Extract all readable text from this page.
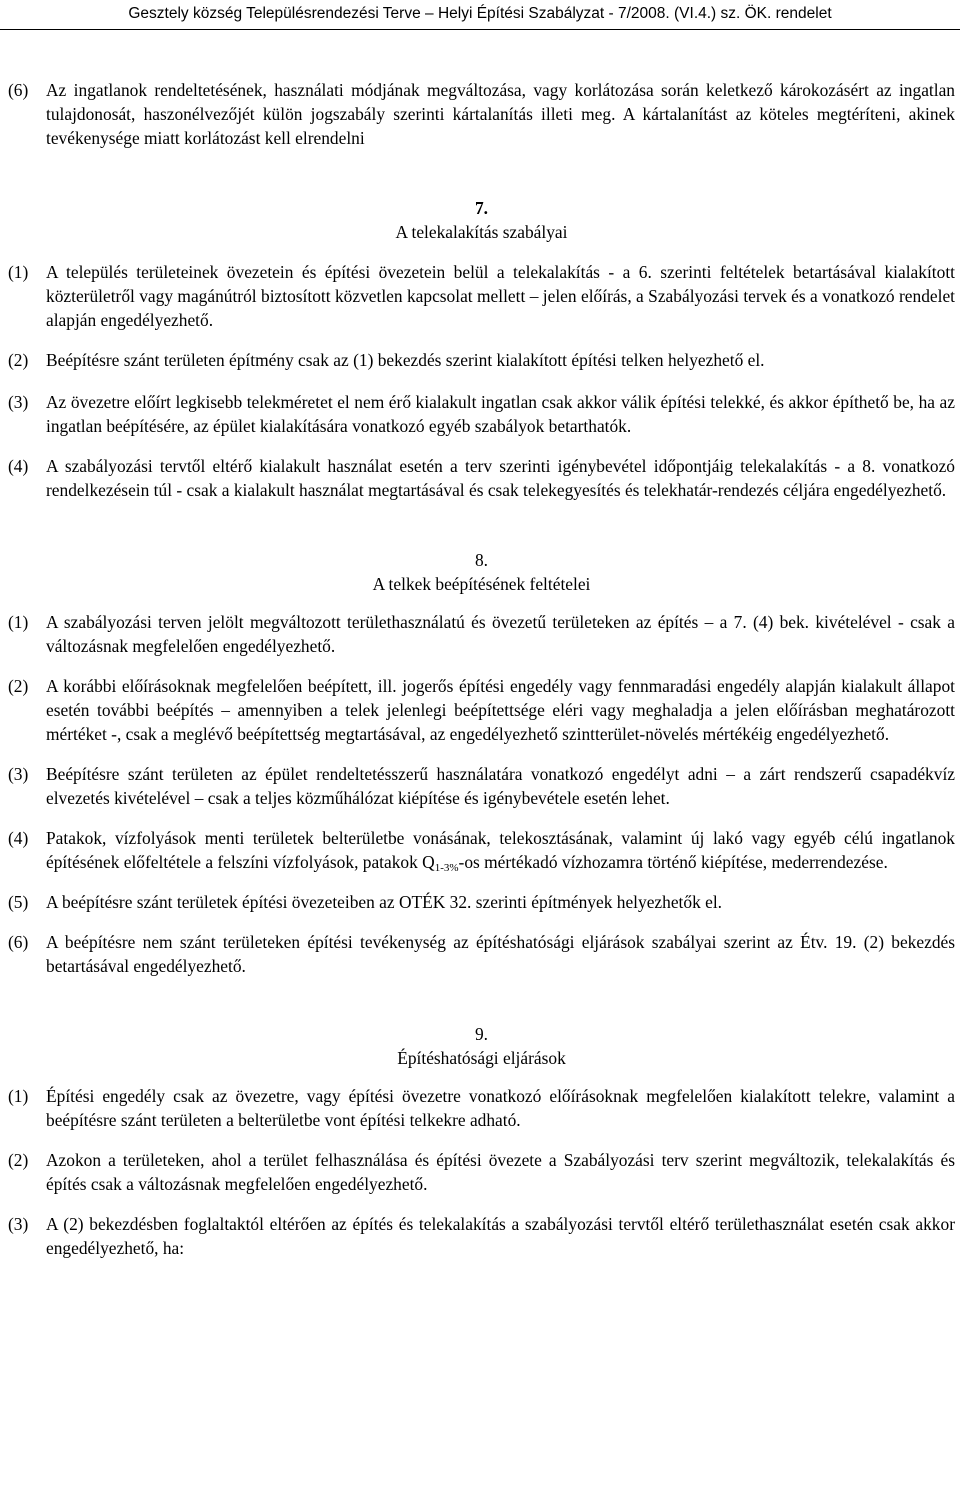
Gesztely község Településrendezési Terve – Helyi Építési Szabályzat - 7/2008. (VI.4.) sz. ÖK. rendelet

(6) Az ingatlanok rendeltetésének, használati módjának megváltozása, vagy korlátozása során keletkező károkozásért az ingatlan tulajdonosát, haszonélvezőjét külön jogszabály szerinti kártalanítás illeti meg. A kártalanítást az köteles megtéríteni, akinek tevékenysége miatt korlátozást kell elrendelni

7.
A telekalakítás szabályai

(1) A település területeinek övezetein és építési övezetein belül a telekalakítás - a 6. szerinti feltételek betartásával kialakított közterületről vagy magánútról biztosított közvetlen kapcsolat mellett – jelen előírás, a Szabályozási tervek és a vonatkozó rendelet alapján engedélyezhető.

(2) Beépítésre szánt területen építmény csak az (1) bekezdés szerint kialakított építési telken helyezhető el.

(3) Az övezetre előírt legkisebb telekméretet el nem érő kialakult ingatlan csak akkor válik építési telekké, és akkor építhető be, ha az ingatlan beépítésére, az épület kialakítására vonatkozó egyéb szabályok betarthatók.

(4) A szabályozási tervtől eltérő kialakult használat esetén a terv szerinti igénybevétel időpontjáig telekalakítás - a 8. vonatkozó rendelkezésein túl - csak a kialakult használat megtartásával és csak telekegyesítés és telekhatár-rendezés céljára engedélyezhető.

8.
A telkek beépítésének feltételei

(1) A szabályozási terven jelölt megváltozott területhasználatú és övezetű területeken az építés – a 7. (4) bek. kivételével - csak a változásnak megfelelően engedélyezhető.

(2) A korábbi előírásoknak megfelelően beépített, ill. jogerős építési engedély vagy fennmaradási engedély alapján kialakult állapot esetén további beépítés – amennyiben a telek jelenlegi beépítettsége eléri vagy meghaladja a jelen előírásban meghatározott mértéket -, csak a meglévő beépítettség megtartásával, az engedélyezhető szintterület-növelés mértékéig engedélyezhető.

(3) Beépítésre szánt területen az épület rendeltetésszerű használatára vonatkozó engedélyt adni – a zárt rendszerű csapadékvíz elvezetés kivételével – csak a teljes közműhálózat kiépítése és igénybevétele esetén lehet.

(4) Patakok, vízfolyások menti területek belterületbe vonásának, telekosztásának, valamint új lakó vagy egyéb célú ingatlanok építésének előfeltétele a felszíni vízfolyások, patakok $Q_{1-3\%}-os$ mértékadó vízhozamra történő kiépítése, mederrendezése.

(5) A beépítésre szánt területek építési övezeteiben az OTÉK 32. szerinti építmények helyezhetők el.

(6) A beépítésre nem szánt területeken építési tevékenység az építéshatósági eljárások szabályai szerint az Étv. 19. (2) bekezdés betartásával engedélyezhető.

9.
Építéshatósági eljárások

(1) Építési engedély csak az övezetre, vagy építési övezetre vonatkozó előírásoknak megfelelően kialakított telekre, valamint a beépítésre szánt területen a belterületbe vont építési telkekre adható.

(2) Azokon a területeken, ahol a terület felhasználása és építési övezete a Szabályozási terv szerint megváltozik, telekalakítás és építés csak a változásnak megfelelően engedélyezhető.

(3) A (2) bekezdésben foglaltaktól eltérően az építés és telekalakítás a szabályozási tervtől eltérő területhasználat esetén csak akkor engedélyezhető, ha:
